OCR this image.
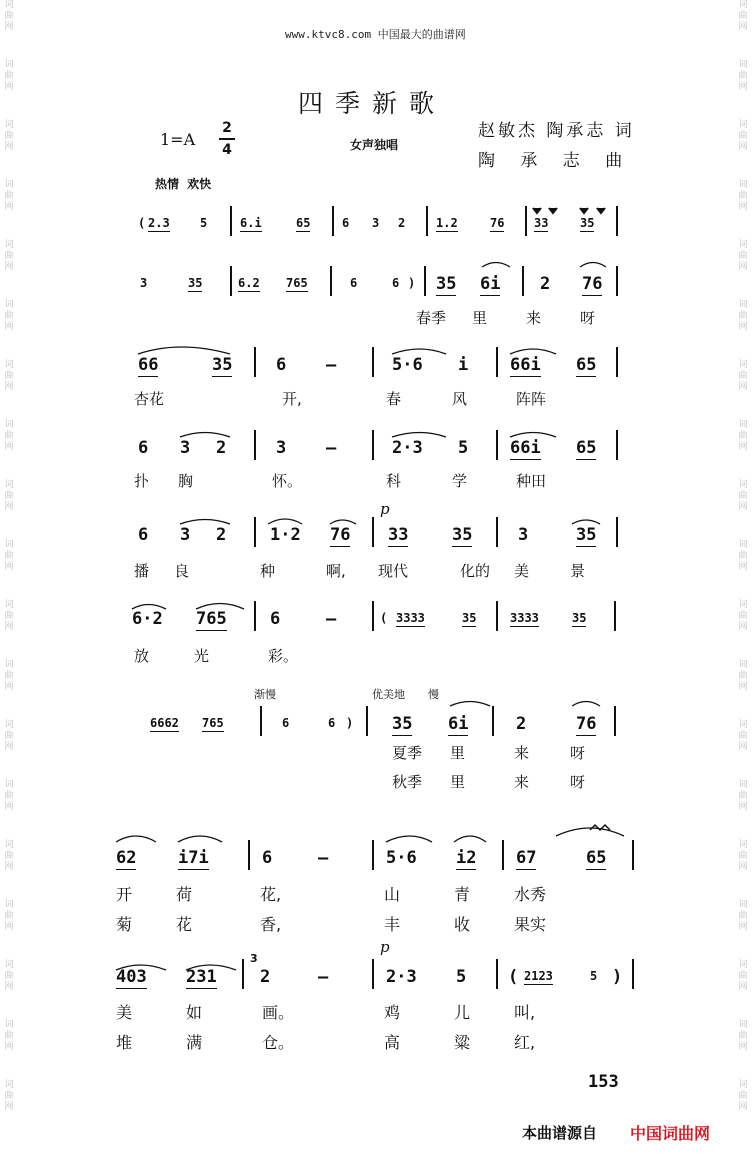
词
曲
网
词
曲
网
词
曲
网
词
曲
网
词
曲
网
词
曲
网
词
曲
网
词
曲
网
词
曲
网
词
曲
网
词
曲
网
词
曲
网
词
曲
网
词
曲
网
词
曲
网
词
曲
网
词
曲
网
词
曲
网
词
曲
网
词
曲
网
词
曲
网
词
曲
网
词
曲
网
词
曲
网
词
曲
网
词
曲
网
词
曲
网
词
曲
网
词
曲
网
词
曲
网
词
曲
网
词
曲
网
词
曲
网
词
曲
网
词
曲
网
词
曲
网
词
曲
网
词
曲
网
www.ktvc8.com 中国最大的曲谱网
四季新歌
1=A
2
4	女声独唱
赵敏杰 陶承志 词
陶 承 志 曲
热情 欢快
( 2.3	5	6.i	65	6 3 2	1.2	76 33	35
3	35	6.2 765	6	6 ) 35 6i 2 76
春季 里	来	呀
66	35	6 —	5·6 i 66i 65
杏花	开,	春	风	阵阵
6 3 2	3 —	2·3 5 66i 65
扑 胸	怀。	科	学	种田
6 3 2	1·2 76 33	35	3	35
播 良	种	啊, 现代	化的 美	景
p
6·2 765	6	—	( 3333	35	3333	35
放	光	彩。
6662 765	6	6 ) 35 6i	2	76
夏季 里	来	呀
秋季 里	来	呀
渐慢	优美地 慢
62 i7i	6	—	5·6 i2 67	65
开	荷	花,	山	青	水秀
菊	花	香,	丰	收	果实
403 231	2	—	2·3 5 ( 2123	5 )
美	如	画。	鸡	儿	叫,
堆	满	仓。	高	粱	红,
p
3
153
本曲谱源自 中国词曲网
